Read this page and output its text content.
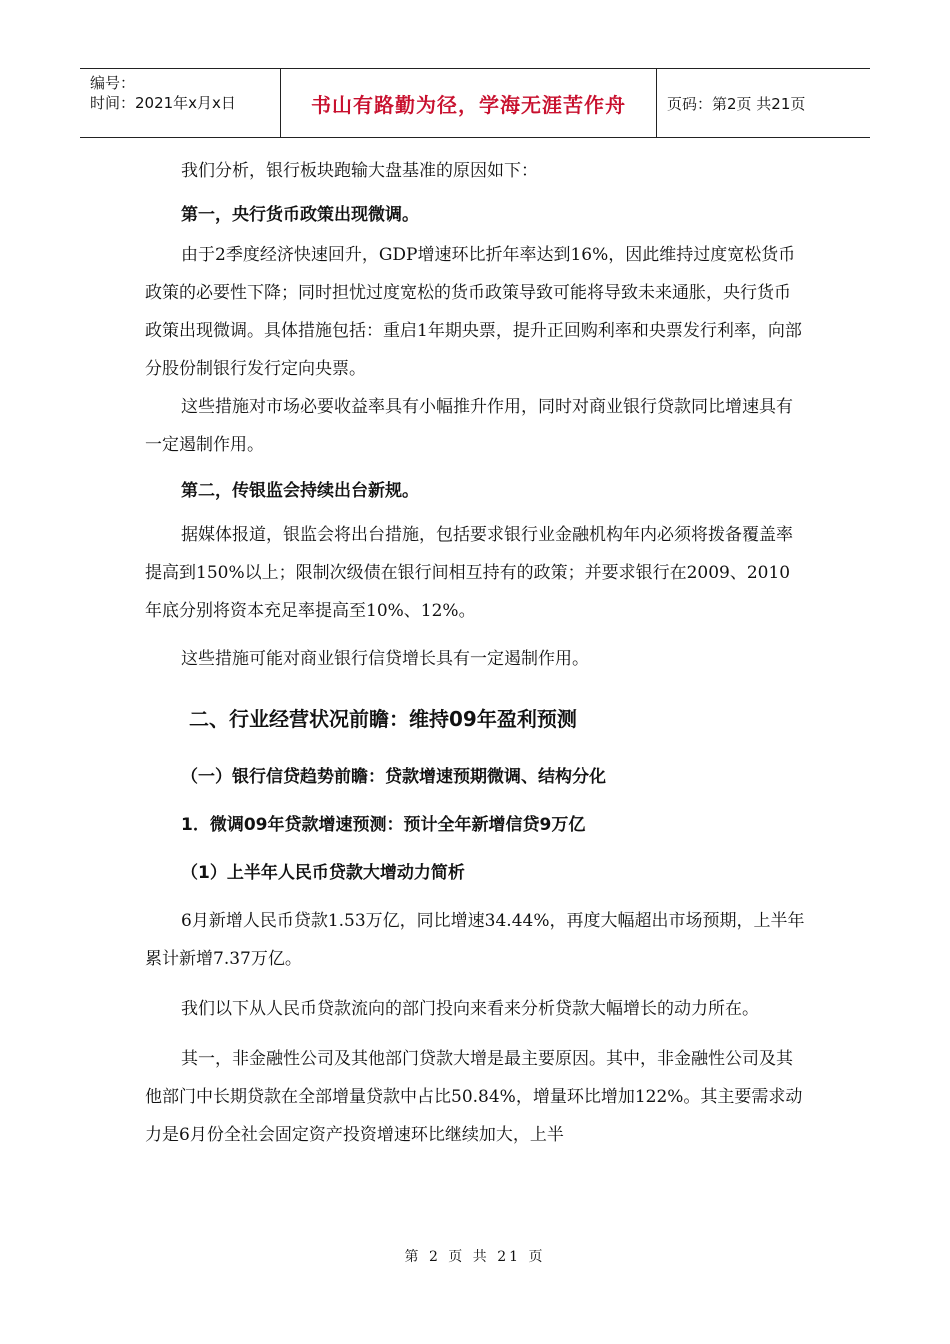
编号：
时间：2021年x月x日	书山有路勤为径，学海无涯苦作舟	页码：第2页 共21页

我们分析，银行板块跑输大盘基准的原因如下：

第一，央行货币政策出现微调。

由于2季度经济快速回升，GDP增速环比折年率达到16%，因此维持过度宽松货币政策的必要性下降；同时担忧过度宽松的货币政策导致可能将导致未来通胀，央行货币政策出现微调。具体措施包括：重启1年期央票，提升正回购利率和央票发行利率，向部分股份制银行发行定向央票。

这些措施对市场必要收益率具有小幅推升作用，同时对商业银行贷款同比增速具有一定遏制作用。

第二，传银监会持续出台新规。

据媒体报道，银监会将出台措施，包括要求银行业金融机构年内必须将拨备覆盖率提高到150%以上；限制次级债在银行间相互持有的政策；并要求银行在2009、2010年底分别将资本充足率提高至10%、12%。

这些措施可能对商业银行信贷增长具有一定遏制作用。

二、行业经营状况前瞻：维持09年盈利预测

（一）银行信贷趋势前瞻：贷款增速预期微调、结构分化

1．微调09年贷款增速预测：预计全年新增信贷9万亿

（1）上半年人民币贷款大增动力简析

6月新增人民币贷款1.53万亿，同比增速34.44%，再度大幅超出市场预期，上半年累计新增7.37万亿。

我们以下从人民币贷款流向的部门投向来看来分析贷款大幅增长的动力所在。

其一，非金融性公司及其他部门贷款大增是最主要原因。其中，非金融性公司及其他部门中长期贷款在全部增量贷款中占比50.84%，增量环比增加122%。其主要需求动力是6月份全社会固定资产投资增速环比继续加大，上半

第 2 页 共 21 页
